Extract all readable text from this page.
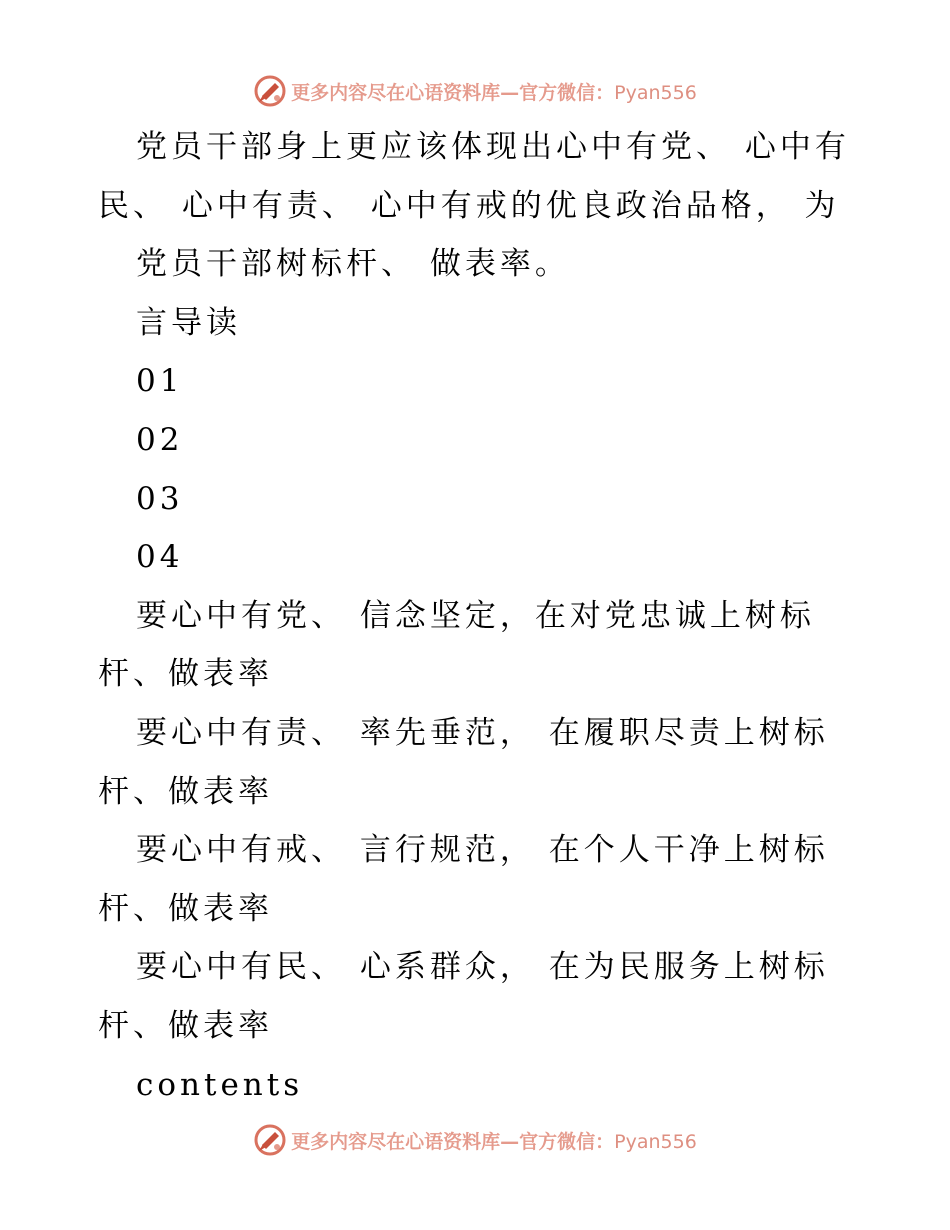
更多内容尽在心语资料库—官方微信：Pyan556
党员干部身上更应该体现出心中有党、 心中有
民、 心中有责、 心中有戒的优良政治品格， 为
党员干部树标杆、 做表率。
言导读
01
02
03
04
要心中有党、 信念坚定，在对党忠诚上树标
杆、做表率
要心中有责、 率先垂范， 在履职尽责上树标
杆、做表率
要心中有戒、 言行规范， 在个人干净上树标
杆、做表率
要心中有民、 心系群众， 在为民服务上树标
杆、做表率
contents
更多内容尽在心语资料库—官方微信：Pyan556
